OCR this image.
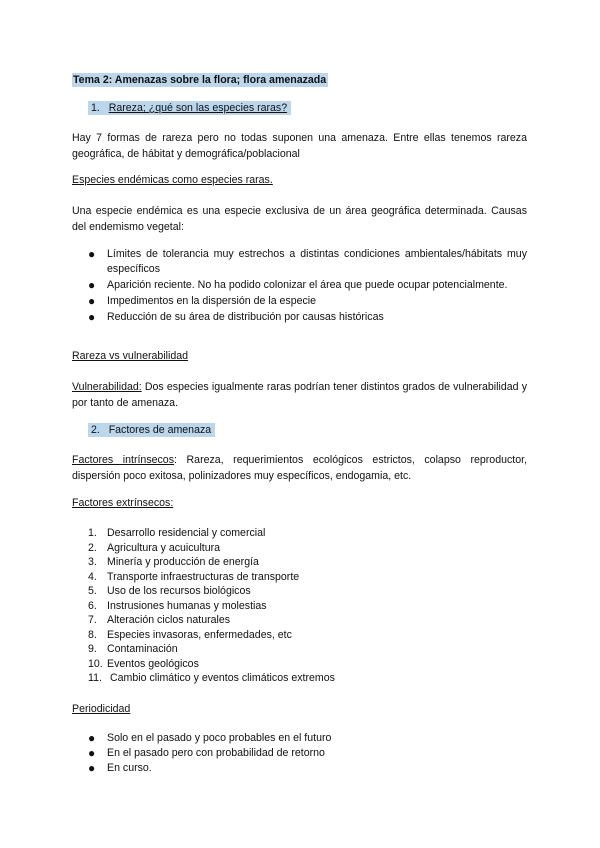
Tema 2: Amenazas sobre la flora; flora amenazada
1. Rareza; ¿qué son las especies raras?

Hay 7 formas de rareza pero no todas suponen una amenaza. Entre ellas tenemos rareza geográfica, de hábitat y demográfica/poblacional

Especies endémicas como especies raras.

Una especie endémica es una especie exclusiva de un área geográfica determinada. Causas del endemismo vegetal:

● Límites de tolerancia muy estrechos a distintas condiciones ambientales/hábitats muy específicos
● Aparición reciente. No ha podido colonizar el área que puede ocupar potencialmente.
● Impedimentos en la dispersión de la especie
● Reducción de su área de distribución por causas históricas
Rareza vs vulnerabilidad

Vulnerabilidad: Dos especies igualmente raras podrían tener distintos grados de vulnerabilidad y por tanto de amenaza.

2. Factores de amenaza

Factores intrínsecos: Rareza, requerimientos ecológicos estrictos, colapso reproductor, dispersión poco exitosa, polinizadores muy específicos, endogamia, etc.

Factores extrínsecos:
1. Desarrollo residencial y comercial
2. Agricultura y acuicultura
3. Minería y producción de energía
4. Transporte infraestructuras de transporte
5. Uso de los recursos biológicos
6. Instrusiones humanas y molestias
7. Alteración ciclos naturales
8. Especies invasoras, enfermedades, etc
9. Contaminación
10. Eventos geológicos
11. Cambio climático y eventos climáticos extremos
Periodicidad
● Solo en el pasado y poco probables en el futuro
● En el pasado pero con probabilidad de retorno
● En curso.
